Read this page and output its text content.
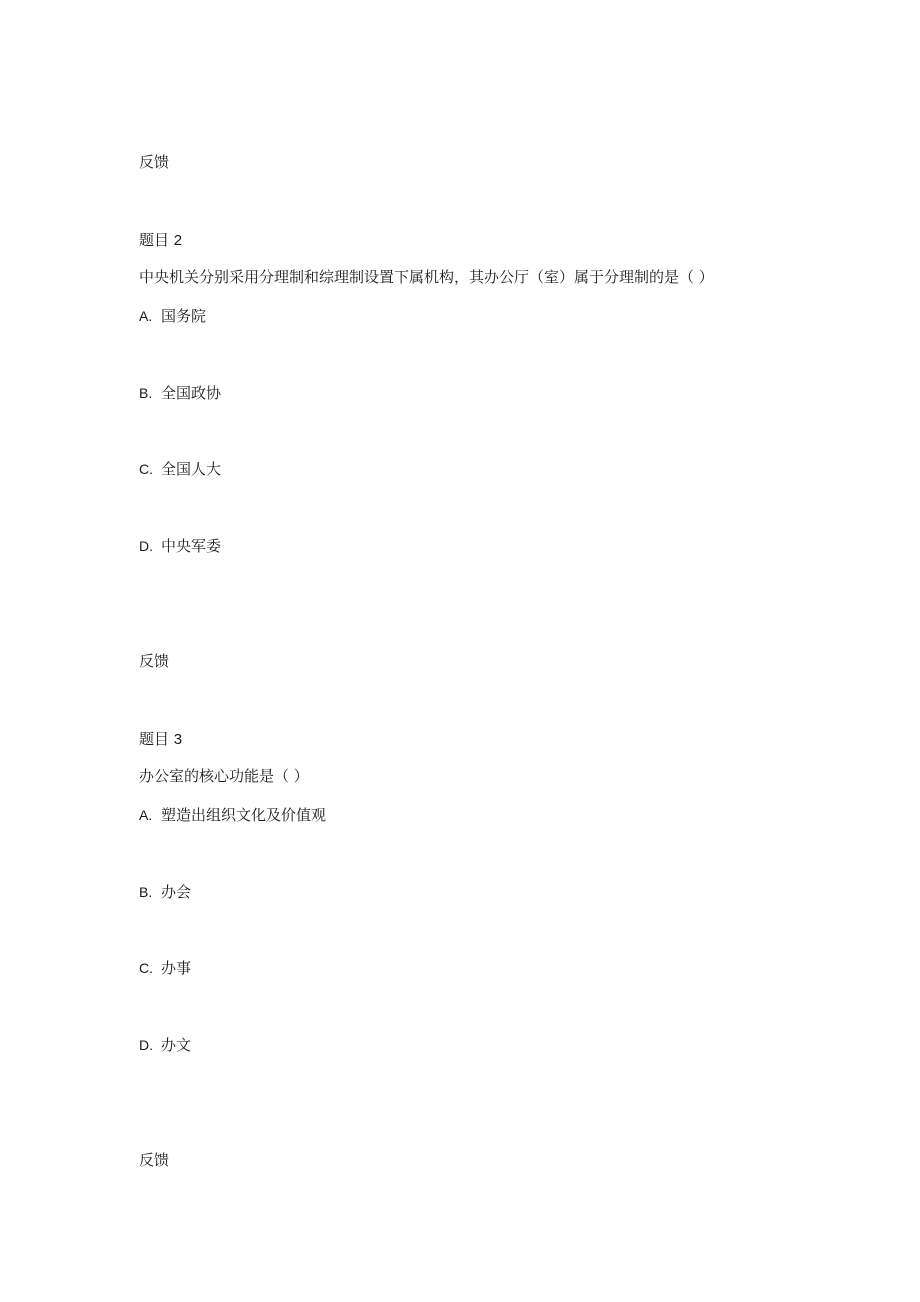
反馈
题目 2
中央机关分别采用分理制和综理制设置下属机构，其办公厅（室）属于分理制的是（ ）
A. 国务院
B. 全国政协
C. 全国人大
D. 中央军委
反馈
题目 3
办公室的核心功能是（ ）
A. 塑造出组织文化及价值观
B. 办会
C. 办事
D. 办文
反馈
